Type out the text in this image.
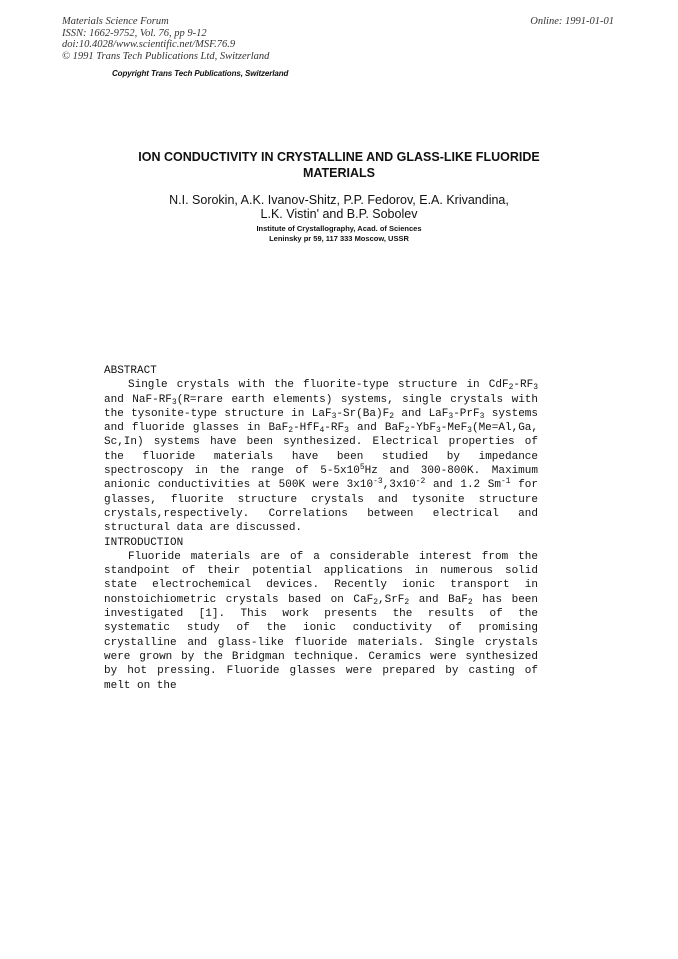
Materials Science Forum
ISSN: 1662-9752, Vol. 76, pp 9-12
doi:10.4028/www.scientific.net/MSF.76.9
© 1991 Trans Tech Publications Ltd, Switzerland
Online: 1991-01-01
Copyright Trans Tech Publications, Switzerland
ION CONDUCTIVITY IN CRYSTALLINE AND GLASS-LIKE FLUORIDE
MATERIALS
N.I. Sorokin, A.K. Ivanov-Shitz, P.P. Fedorov, E.A. Krivandina,
L.K. Vistin' and B.P. Sobolev
Institute of Crystallography, Acad. of Sciences
Leninsky pr 59, 117 333 Moscow, USSR

ABSTRACT

Single crystals with the fluorite-type structure in $CdF_2-RF_3$ and NaF-$RF_3(R=rare$ earth elements) systems, single crystals with the tysonite-type structure in $LaF_3-Sr(Ba)F_2$ and LaF$_3$-PrF$_3$ systems and fluoride glasses in $BaF_2-HfF_4-RF_3$ and BaF$_2$-YbF$_3$-MeF$_3$(Me=Al,Ga, Sc,In) systems have been synthesized. Electrical properties of the fluoride materials have been studied by impedance spectroscopy in the range of $5-5x10^5Hz$ and 300-800K. Maximum anionic conductivities at 500K were $3x10^{-3},3x10^{-2}$ and 1.2 $Sm^{-1}$ for glasses, fluorite structure crystals and tysonite structure crystals,respectively. Correlations between electrical and structural data are discussed.

INTRODUCTION

Fluoride materials are of a considerable interest from the standpoint of their potential applications in numerous solid state electrochemical devices. Recently ionic transport in nonstoichiometric crystals based on CaF$_2$,SrF$_2$ and BaF$_2$ has been investigated [1]. This work presents the results of the systematic study of the ionic conductivity of promising crystalline and glass-like fluoride materials. Single crystals were grown by the Bridgman technique. Ceramics were synthesized by hot pressing. Fluoride glasses were prepared by casting of melt on the
